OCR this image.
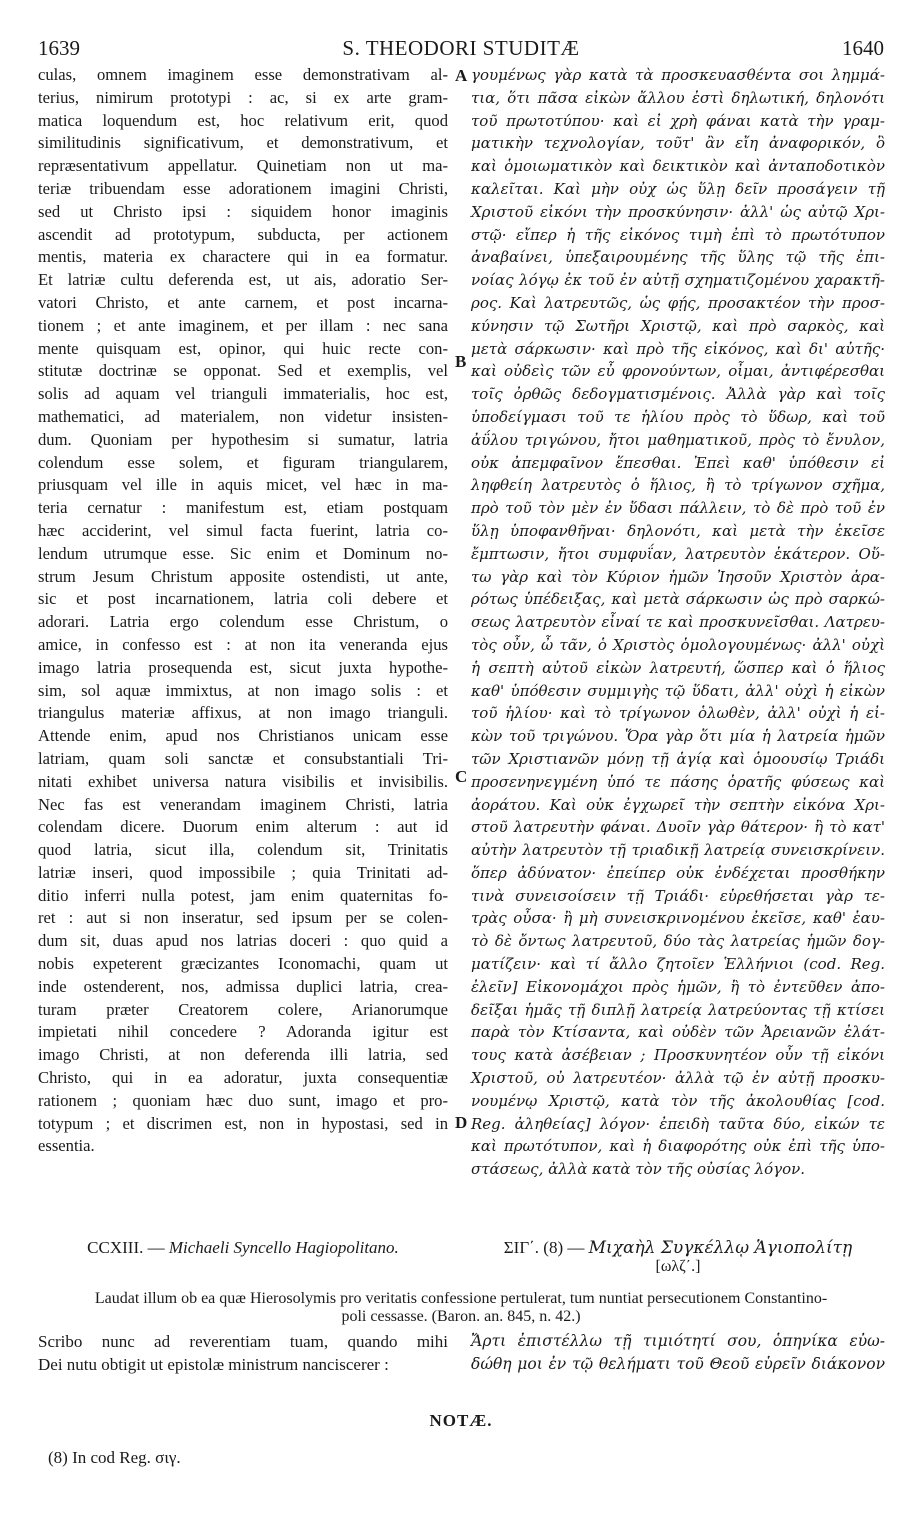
1639	S. THEODORI STUDITÆ	1640
culas, omnem imaginem esse demonstrativam al-
terius, nimirum prototypi : ac, si ex arte gram-
matica loquendum est, hoc relativum erit, quod
similitudinis significativum, et demonstrativum, et
repræsentativum appellatur. Quinetiam non ut ma-
teriæ tribuendam esse adorationem imagini Christi,
sed ut Christo ipsi : siquidem honor imaginis
ascendit ad prototypum, subducta, per actionem
mentis, materia ex charactere qui in ea formatur.
Et latriæ cultu deferenda est, ut ais, adoratio Ser-
vatori Christo, et ante carnem, et post incarna-
tionem ; et ante imaginem, et per illam : nec sana
mente quisquam est, opinor, qui huic recte con-
stitutæ doctrinæ se opponat. Sed et exemplis, vel
solis ad aquam vel trianguli immaterialis, hoc est,
mathematici, ad materialem, non videtur insisten-
dum. Quoniam per hypothesim si sumatur, latria
colendum esse solem, et figuram triangularem,
priusquam vel ille in aquis micet, vel hæc in ma-
teria cernatur : manifestum est, etiam postquam
hæc acciderint, vel simul facta fuerint, latria co-
lendum utrumque esse. Sic enim et Dominum no-
strum Jesum Christum apposite ostendisti, ut ante,
sic et post incarnationem, latria coli debere et
adorari. Latria ergo colendum esse Christum, o
amice, in confesso est : at non ita veneranda ejus
imago latria prosequenda est, sicut juxta hypothe-
sim, sol aquæ immixtus, at non imago solis : et
triangulus materiæ affixus, at non imago trianguli.
Attende enim, apud nos Christianos unicam esse
latriam, quam soli sanctæ et consubstantiali Tri-
nitati exhibet universa natura visibilis et invisibilis.
Nec fas est venerandam imaginem Christi, latria
colendam dicere. Duorum enim alterum : aut id
quod latria, sicut illa, colendum sit, Trinitatis
latriæ inseri, quod impossibile ; quia Trinitati ad-
ditio inferri nulla potest, jam enim quaternitas fo-
ret : aut si non inseratur, sed ipsum per se colen-
dum sit, duas apud nos latrias doceri : quo quid a
nobis expeterent græcizantes Iconomachi, quam ut
inde ostenderent, nos, admissa duplici latria, crea-
turam præter Creatorem colere, Arianorumque
impietati nihil concedere ? Adoranda igitur est
imago Christi, at non deferenda illi latria, sed
Christo, qui in ea adoratur, juxta consequentiæ
rationem ; quoniam hæc duo sunt, imago et pro-
totypum ; et discrimen est, non in hypostasi, sed in
essentia.
γουμένως γὰρ κατὰ τὰ προσκευασθέντα σοι λημμά-
τια, ὅτι πᾶσα εἰκὼν ἄλλου ἐστὶ δηλωτική, δηλονότι
τοῦ πρωτοτύπου· καὶ εἰ χρὴ φάναι κατὰ τὴν γραμ-
ματικὴν τεχνολογίαν, τοῦτ' ἂν εἴη ἀναφορικόν, ὃ
καὶ ὁμοιωματικὸν καὶ δεικτικὸν καὶ ἀνταποδοτικὸν
καλεῖται. Καὶ μὴν οὐχ ὡς ὕλῃ δεῖν προσάγειν τῇ
Χριστοῦ εἰκόνι τὴν προσκύνησιν· ἀλλ' ὡς αὐτῷ Χρι-
στῷ· εἴπερ ἡ τῆς εἰκόνος τιμὴ ἐπὶ τὸ πρωτότυπον
ἀναβαίνει, ὑπεξαιρουμένης τῆς ὕλης τῷ τῆς ἐπι-
νοίας λόγῳ ἐκ τοῦ ἐν αὐτῇ σχηματιζομένου χαρακτῆ-
ρος. Καὶ λατρευτῶς, ὡς φῄς, προσακτέον τὴν προσ-
κύνησιν τῷ Σωτῆρι Χριστῷ, καὶ πρὸ σαρκὸς, καὶ
μετὰ σάρκωσιν· καὶ πρὸ τῆς εἰκόνος, καὶ δι' αὐτῆς·
καὶ οὐδεὶς τῶν εὖ φρονούντων, οἶμαι, ἀντιφέρεσθαι
τοῖς ὀρθῶς δεδογματισμένοις. Ἀλλὰ γὰρ καὶ τοῖς
ὑποδείγμασι τοῦ τε ἡλίου πρὸς τὸ ὕδωρ, καὶ τοῦ
ἀΰλου τριγώνου, ἤτοι μαθηματικοῦ, πρὸς τὸ ἔνυλον,
οὐκ ἀπεμφαῖνον ἕπεσθαι. Ἐπεὶ καθ' ὑπόθεσιν εἰ
ληφθείη λατρευτὸς ὁ ἥλιος, ἢ τὸ τρίγωνον σχῆμα,
πρὸ τοῦ τὸν μὲν ἐν ὕδασι πάλλειν, τὸ δὲ πρὸ τοῦ ἐν
ὕλῃ ὑποφανθῆναι· δηλονότι, καὶ μετὰ τὴν ἐκεῖσε
ἔμπτωσιν, ἤτοι συμφυΐαν, λατρευτὸν ἑκάτερον. Οὕ-
τω γὰρ καὶ τὸν Κύριον ἡμῶν Ἰησοῦν Χριστὸν ἀρα-
ρότως ὑπέδειξας, καὶ μετὰ σάρκωσιν ὡς πρὸ σαρκώ-
σεως λατρευτὸν εἶναί τε καὶ προσκυνεῖσθαι. Λατρευ-
τὸς οὖν, ὦ τᾶν, ὁ Χριστὸς ὁμολογουμένως· ἀλλ' οὐχὶ
ἡ σεπτὴ αὐτοῦ εἰκὼν λατρευτή, ὥσπερ καὶ ὁ ἥλιος
καθ' ὑπόθεσιν συμμιγὴς τῷ ὕδατι, ἀλλ' οὐχὶ ἡ εἰκὼν
τοῦ ἡλίου· καὶ τὸ τρίγωνον ὁλωθὲν, ἀλλ' οὐχὶ ἡ εἰ-
κὼν τοῦ τριγώνου. Ὅρα γὰρ ὅτι μία ἡ λατρεία ἡμῶν
τῶν Χριστιανῶν μόνῃ τῇ ἁγίᾳ καὶ ὁμοουσίῳ Τριάδι
προσενηνεγμένη ὑπό τε πάσης ὁρατῆς φύσεως καὶ
ἀοράτου. Καὶ οὐκ ἐγχωρεῖ τὴν σεπτὴν εἰκόνα Χρι-
στοῦ λατρευτὴν φάναι. Δυοῖν γὰρ θάτερον· ἢ τὸ κατ'
αὐτὴν λατρευτὸν τῇ τριαδικῇ λατρείᾳ συνεισκρίνειν.
ὅπερ ἀδύνατον· ἐπείπερ οὐκ ἐνδέχεται προσθήκην
τινὰ συνεισοίσειν τῇ Τριάδι· εὑρεθήσεται γὰρ τε-
τρὰς οὖσα· ἢ μὴ συνεισκρινομένου ἐκεῖσε, καθ' ἑαυ-
τὸ δὲ ὄντως λατρευτοῦ, δύο τὰς λατρείας ἡμῶν δογ-
ματίζειν· καὶ τί ἄλλο ζητοῖεν Ἑλλήνιοι (cod. Reg.
ἐλεῖν] Εἰκονομάχοι πρὸς ἡμῶν, ἢ τὸ ἐντεῦθεν ἀπο-
δεῖξαι ἡμᾶς τῇ διπλῇ λατρείᾳ λατρεύοντας τῇ κτίσει
παρὰ τὸν Κτίσαντα, καὶ οὐδὲν τῶν Ἀρειανῶν ἐλάτ-
τους κατὰ ἀσέβειαν ; Προσκυνητέον οὖν τῇ εἰκόνι
Χριστοῦ, οὐ λατρευτέον· ἀλλὰ τῷ ἐν αὐτῇ προσκυ-
νουμένῳ Χριστῷ, κατὰ τὸν τῆς ἀκολουθίας [cod.
Reg. ἀληθείας] λόγον· ἐπειδὴ ταῦτα δύο, εἰκών τε
καὶ πρωτότυπον, καὶ ἡ διαφορότης οὐκ ἐπὶ τῆς ὑπο-
στάσεως, ἀλλὰ κατὰ τὸν τῆς οὐσίας λόγον.
A
B
C
D
CCXIII. — Michaeli Syncello Hagiopolitano.	ΣΙΓ΄. (8) — Μιχαὴλ Συγκέλλῳ Ἁγιοπολίτῃ
[ωλζ΄.]
Laudat illum ob ea quæ Hierosolymis pro veritatis confessione pertulerat, tum nuntiat persecutionem Constantino-
poli cessasse. (Baron. an. 845, n. 42.)
Scribo nunc ad reverentiam tuam, quando mihi
Dei nutu obtigit ut epistolæ ministrum nanciscerer :
Ἄρτι ἐπιστέλλω τῇ τιμιότητί σου, ὁπηνίκα εὐω-
δώθη μοι ἐν τῷ θελήματι τοῦ Θεοῦ εὑρεῖν διάκονον
NOTÆ.
(8) In cod Reg. σιγ.
